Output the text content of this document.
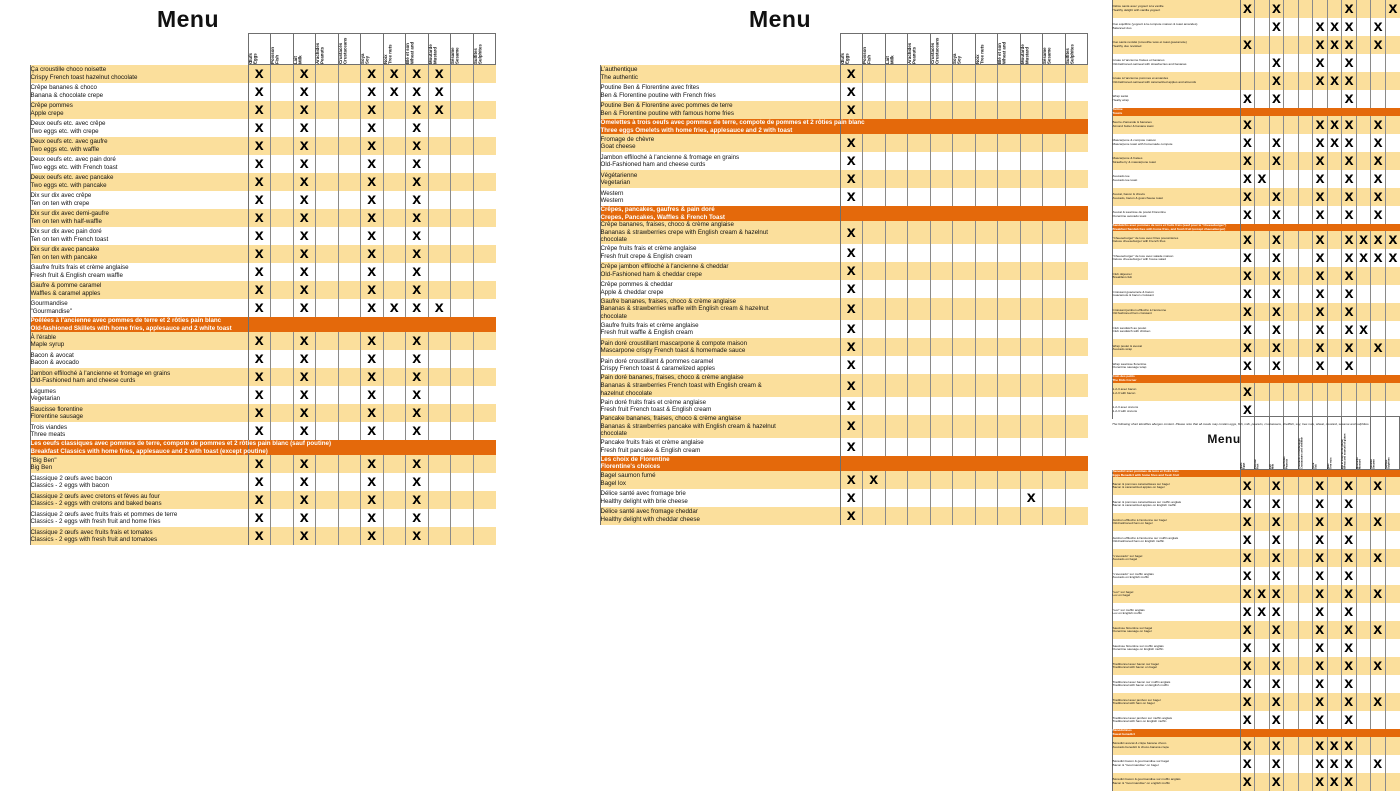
Menu

		Œufs Eggs	Poisson Fish	Lait Milk	Arachides Peanuts	Crustacés Crustaceans	Soya Soy	Noix Tree nuts	Blé et son Wheat and	Moutarde Mustard	Sésame Sesame	Sulfites Sulphites

	Ça croustille choco noisette
Crispy French toast hazelnut chocolate	x		x			x	x	x	x		

	Crêpe bananes & choco
Banana & chocolate crepe	x		x			x	x	x	x		

	Crêpe pommes
Apple crepe	x		x			x		x	x		

	Deux oeufs etc. avec crêpe
Two eggs etc. with crepe	x		x			x		x			

	Deux oeufs etc. avec gaufre
Two eggs etc. with waffle	x		x			x		x			

	Deux oeufs etc. avec pain doré
Two eggs etc. with French toast	x		x			x		x			

	Deux oeufs etc. avec pancake
Two eggs etc. with pancake	x		x			x		x			

	Dix sur dix avec crêpe
Ten on ten with crepe	x		x			x		x			

	Dix sur dix avec demi-gaufre
Ten on ten with half-waffle	x		x			x		x			

	Dix sur dix avec pain doré
Ten on ten with French toast	x		x			x		x			

	Dix sur dix avec pancake
Ten on ten with pancake	x		x			x		x			

	Gaufre fruits frais et crème anglaise
Fresh fruit & English cream waffle	x		x			x		x			

	Gaufre & pomme caramel
Waffles & caramel apples	x		x			x		x			

	Gourmandise
"Gourmandise"	x		x			x	x	x	x		

	Poêlées à l'ancienne avec pommes de terre et 2 rôties pain blanc
Old-fashioned Skillets with home fries, applesauce and 2 white toast											

	À l'érable
Maple syrup	x		x			x		x			

	Bacon & avocat
Bacon & avocado	x		x			x		x			

	Jambon effiloché à l'ancienne et fromage en grains
Old-Fashioned ham and cheese curds	x		x			x		x			

	Légumes
Vegetarian	x		x			x		x			

	Saucisse florentine
Florentine sausage	x		x			x		x			

	Trois viandes
Three meats	x		x			x		x			

	Les oeufs classiques avec pommes de terre, compote de pommes et 2 rôties pain blanc (sauf poutine)
Breakfast Classics with home fries, applesauce and 2 with toast (except poutine)											

	"Big Ben"
Big Ben	x		x			x		x			

	Classique 2 œufs avec bacon
Classics - 2 eggs with bacon	x		x			x		x			

	Classique 2 œufs avec cretons et fèves au four
Classics - 2 eggs with cretons and baked beans	x		x			x		x			

	Classique 2 œufs avec fruits frais et pommes de terre
Classics - 2 eggs with fresh fruit and home fries	x		x			x		x			

	Classique 2 œufs avec fruits frais et tomates
Classics - 2 eggs with fresh fruit and tomatoes	x		x			x		x			
Menu

		Œufs Eggs	Poisson Fish	Lait Milk	Arachides Peanuts	Crustacés Crustaceans	Soya Soy	Noix Tree nuts	Blé et son Wheat and	Moutarde Mustard	Sésame Sesame	Sulfites Sulphites

	L'authentique
The authentic	x										

	Poutine Ben & Florentine avec frites
Ben & Florentine poutine with French fries	x										

	Poutine Ben & Florentine avec pommes de terre
Ben & Florentine poutine with famous home fries	x										

	Omelettes à trois oeufs avec pommes de terre, compote de pommes et 2 rôties pain blanc
Three eggs Omelets with home fries, applesauce and 2 with toast											

	Fromage de chèvre
Goat cheese	x										

	Jambon effiloché à l'ancienne & fromage en grains
Old-Fashioned ham and cheese curds	x										

	Végétarienne
Vegetarian	x										

	Western
Western	x										

	Crêpes, pancakes, gaufres & pain doré
Crepes, Pancakes, Waffles & French Toast											

	Crêpe bananes, fraises, choco & crème anglaise
Bananas & strawberries crepe with English cream & hazelnut
chocolate	x										

	Crêpe fruits frais et crème anglaise
Fresh fruit crepe & English cream	x										

	Crêpe jambon effiloché à l'ancienne & cheddar
Old-Fashioned ham & cheddar crepe	x										

	Crêpe pommes & cheddar
Apple & cheddar crepe	x										

	Gaufre bananes, fraises, choco & crème anglaise
Bananas & strawberries waffle with English cream & hazelnut
chocolate	x										

	Gaufre fruits frais et crème anglaise
Fresh fruit waffle & English cream	x										

	Pain doré croustillant mascarpone & compote maison
Mascarpone crispy French toast & homemade sauce	x										

	Pain doré croustillant & pommes caramel
Crispy French toast & caramelized apples	x										

	Pain doré bananes, fraises, choco & crème anglaise
Bananas & strawberries French toast with English cream &
hazelnut chocolate	x										

	Pain doré fruits frais et crème anglaise
Fresh fruit French toast & English cream	x										

	Pancake bananes, fraises, choco & crème anglaise
Bananas & strawberries pancake with English cream & hazelnut
chocolate	x										

	Pancake fruits frais et crème anglaise
Fresh fruit pancake & English cream	x										

	Les choix de Florentine
Florentine's choices											

	Bagel saumon fumé
Bagel lox	x	x									

	Délice santé avec fromage brie
Healthy delight with brie cheese	x								x		

	Délice santé avec fromage cheddar
Healthy delight with cheddar cheese	x										

	Délice santé avec yogourt à la vanille
Healthy delight with vanilla yogourt	x		x					x			x

	Duo équilibré (yogourt à la compote maison & toast amandes)
Balanced duo			x			x	x	x		x	

	Duo santé revisité (smoothie wow et toast guacamole)
Healthy duo revisited	x					x	x	x		x	

	Gruau à l'ancienne fraises et bananes
Old-fashioned oatmeal with strawberries and bananas			x			x		x			

	Gruau à l'ancienne pommes et amandes
Old-fashioned oatmeal with caramelized apples and almonds			x			x	x	x			

	Wrap santé
Healty wrap	x		x					x			

	Tartine
Toasts											

	Beurre d'amande & bananes
Almond butter & banana toast	x					x	x	x		x	

	Mascarpone & compote maison
Mascarpone toast with homemade compote	x		x			x	x	x		x	

	Mascarpone & fraises
Strawberry & mascarpone toast	x		x			x		x		x	

	Avocado toe
Avocado toe toast	x	x				x		x		x	

	Avocat, bacon & chèvre
Avocado, bacon & goat cheese toast	x		x			x		x		x	

	Avocat & saucisse de poulet Florentine
Florentine avocado toast	x		x			x		x		x	

	Sandwichs avec pommes de terre et fruits frais (sauf pour le "cheeseburger")
Breakfast Sandwiches with home fries, and fresh fruit (except cheeseburger)											

	"Cheeseburger" de luxe avec frites poussinières
Deluxe cheeseburger with French fries	x		x			x		x	x	x	x

	"Cheeseburger" de luxe avec salade maison
Deluxe cheeseburger with house salad	x		x			x		x	x	x	x

	Club déjeuner
Breakfast club	x		x			x		x			

	Croissant guacamole & bacon
Guacamole & bacon croissant	x		x			x		x			

	Croissant jambon effiloché à l'ancienne
Old fashioned ham croissant	x		x			x		x			

	Club sandwich au poulet
Club sandwich with chicken	x		x			x		x	x		

	Wrap poulet & avocat
Avocado wrap	x		x			x		x		x	

	Wrap saucisse florentine
Florentine sausage wrap	x		x			x		x			

	Coin des petits
The Kids Corner											

	1-2-3 avec bacon
1-2-3 with bacon	x										

	1-2-3 avec cretons
1-2-3 with cretons	x										
The following chart identifies allergen content. Please note that all meals may contain eggs, fish, milk, peanuts, crustaceans, shellfish, soy, tree nuts, wheat, mustard, sesame and sulphites.
Menu

		Œufs Eggs	Poisson Fish	Lait Milk	Arachides Peanuts	Crustacés et mollusques Crustaceans and shellfish	Soya Soy	Noix Tree nuts	Blé et sources de gluten Wheat and sources of gluten	Moutarde Mustard	Sésame Sesame	Sulfites Sulphites

	Benedict avec pommes de terre et fruits frais
Eggs Benedict with home fries and fresh fruit											

	Bacon & pommes caramélisées sur bagel
Bacon & caramelized apples on bagel	x		x			x		x		x	

	Bacon & pommes caramélisées sur muffin anglais
Bacon & caramelized apples on English muffin	x		x			x		x			

	Jambon effiloché à l'ancienne sur bagel
Old-Fashioned ham on bagel	x		x			x		x		x	

	Jambon effiloché à l'ancienne sur muffin anglais
Old-Fashioned ham on English muffin	x		x			x		x			

	"L'avocado" sur bagel
Avocado on bagel	x		x			x		x		x	

	"L'avocado" sur muffin anglais
Avocado on English muffin	x		x			x		x			

	"Lox" sur bagel
Lox on bagel	x	x	x			x		x		x	

	"Lox" sur muffin anglais
Lox on English muffin	x	x	x			x		x			

	Saucisse florentine sur bagel
Florentine sausage on bagel	x		x			x		x		x	

	Saucisse florentine sur muffin anglais
Florentine sausage on English muffin	x		x			x		x			

	Traditionnel avec bacon sur bagel
Traditionnal with bacon on bagel	x		x			x		x		x	

	Traditionnel avec bacon sur muffin anglais
Traditionnal with bacon on English muffin	x		x			x		x			

	Traditionnel avec jambon sur bagel
Traditionnal with ham on bagel	x		x			x		x		x	

	Traditionnel avec jambon sur muffin anglais
Traditionnal with ham on English muffin	x		x			x		x			

	Bénédictines
Sweet benedict											

	Bénédict avocat & crêpe banane choco
Avocado benedict & choco-banana crepe	x		x			x	x	x			

	Bénédict bacon & gourmandise sur bagel
Bacon & "Gourmandise" on bagel	x		x			x	x	x		x	

	Bénédict bacon & gourmandise sur muffin anglais
Bacon & "Gourmandise" on english muffin	x		x			x	x	x			
